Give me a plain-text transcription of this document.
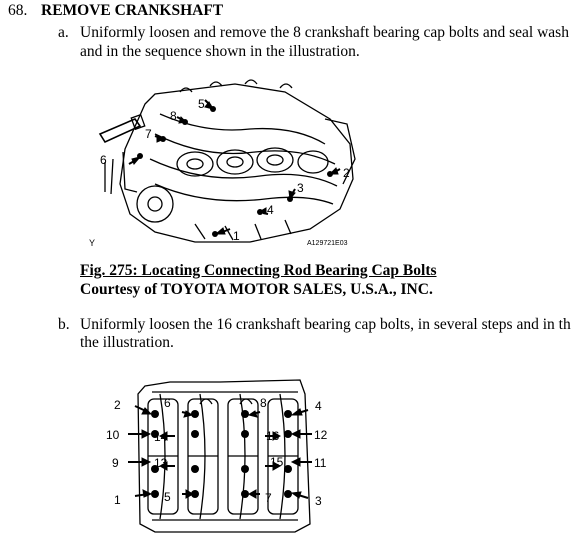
68. REMOVE CRANKSHAFT
a. Uniformly loosen and remove the 8 crankshaft bearing cap bolts and seal wash
and in the sequence shown in the illustration.
1
2
3
4
5
6
7
8
Y	A129721E03
Fig. 275: Locating Connecting Rod Bearing Cap Bolts
Courtesy of TOYOTA MOTOR SALES, U.S.A., INC.
b. Uniformly loosen the 16 crankshaft bearing cap bolts, in several steps and in th
the illustration.
1
2
3
4
5
6
7
8
9
10
11
12
13
14
15
16
